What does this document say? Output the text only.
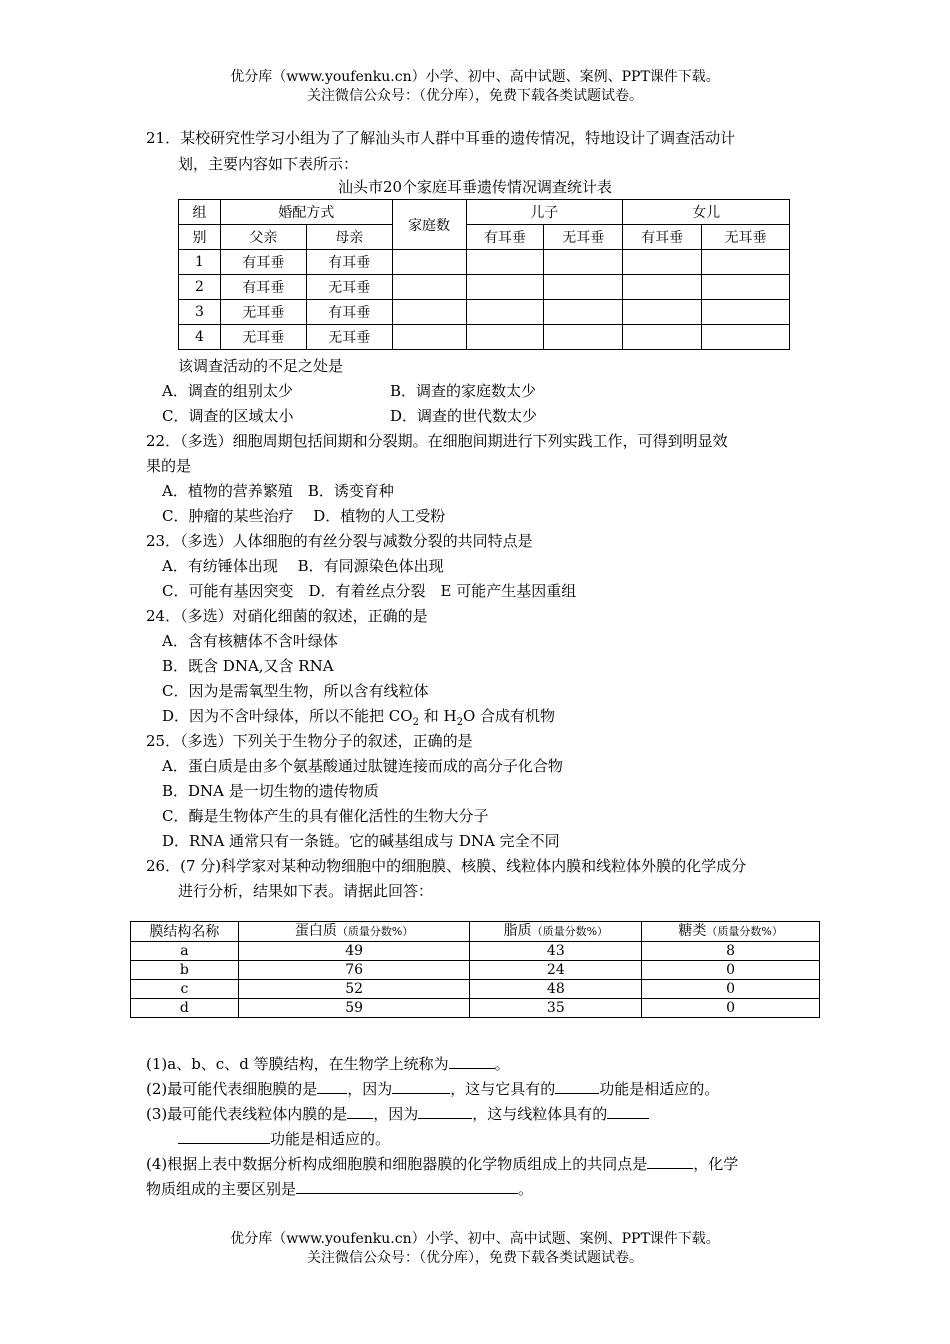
优分库（www.youfenku.cn）小学、初中、高中试题、案例、PPT课件下载。
关注微信公众号：（优分库），免费下载各类试题试卷。
21．某校研究性学习小组为了了解汕头市人群中耳垂的遗传情况，特地设计了调查活动计
划，主要内容如下表所示：
汕头市20个家庭耳垂遗传情况调查统计表
组	婚配方式		家庭数	儿子		女儿	
别	父亲	母亲		有耳垂	无耳垂	有耳垂	无耳垂
1	有耳垂	有耳垂					
2	有耳垂	无耳垂					
3	无耳垂	有耳垂					
4	无耳垂	无耳垂					
该调查活动的不足之处是
A．调查的组别太少	B．调查的家庭数太少
C．调查的区域太小	D．调查的世代数太少
22．（多选）细胞周期包括间期和分裂期。在细胞间期进行下列实践工作，可得到明显效
果的是
A．植物的营养繁殖　B．诱变育种
C．肿瘤的某些治疗　 D．植物的人工受粉
23．（多选）人体细胞的有丝分裂与减数分裂的共同特点是
A．有纺锤体出现　 B．有同源染色体出现
C．可能有基因突变　D．有着丝点分裂　E 可能产生基因重组
24．（多选）对硝化细菌的叙述，正确的是
A．含有核糖体不含叶绿体
B．既含 DNA,又含 RNA
C．因为是需氧型生物，所以含有线粒体
D．因为不含叶绿体，所以不能把 $CO_2$ 和 $H_2O$ 合成有机物
25．（多选）下列关于生物分子的叙述，正确的是
A．蛋白质是由多个氨基酸通过肽键连接而成的高分子化合物
B．DNA 是一切生物的遗传物质
C．酶是生物体产生的具有催化活性的生物大分子
D．RNA 通常只有一条链。它的碱基组成与 DNA 完全不同
26．(7 分)科学家对某种动物细胞中的细胞膜、核膜、线粒体内膜和线粒体外膜的化学成分
进行分析，结果如下表。请据此回答：
膜结构名称	蛋白质（质量分数%）	脂质（质量分数%）	糖类（质量分数%）
a	49	43	8
b	76	24	0
c	52	48	0
d	59	35	0
(1)a、b、c、d 等膜结构，在生物学上统称为	。
(2)最可能代表细胞膜的是 ，因为	，这与它具有的	功能是相适应的。
(3)最可能代表线粒体内膜的是 ，因为	，这与线粒体具有的
功能是相适应的。
(4)根据上表中数据分析构成细胞膜和细胞器膜的化学物质组成上的共同点是	，化学
物质组成的主要区别是	。
优分库（www.youfenku.cn）小学、初中、高中试题、案例、PPT课件下载。
关注微信公众号：（优分库），免费下载各类试题试卷。
